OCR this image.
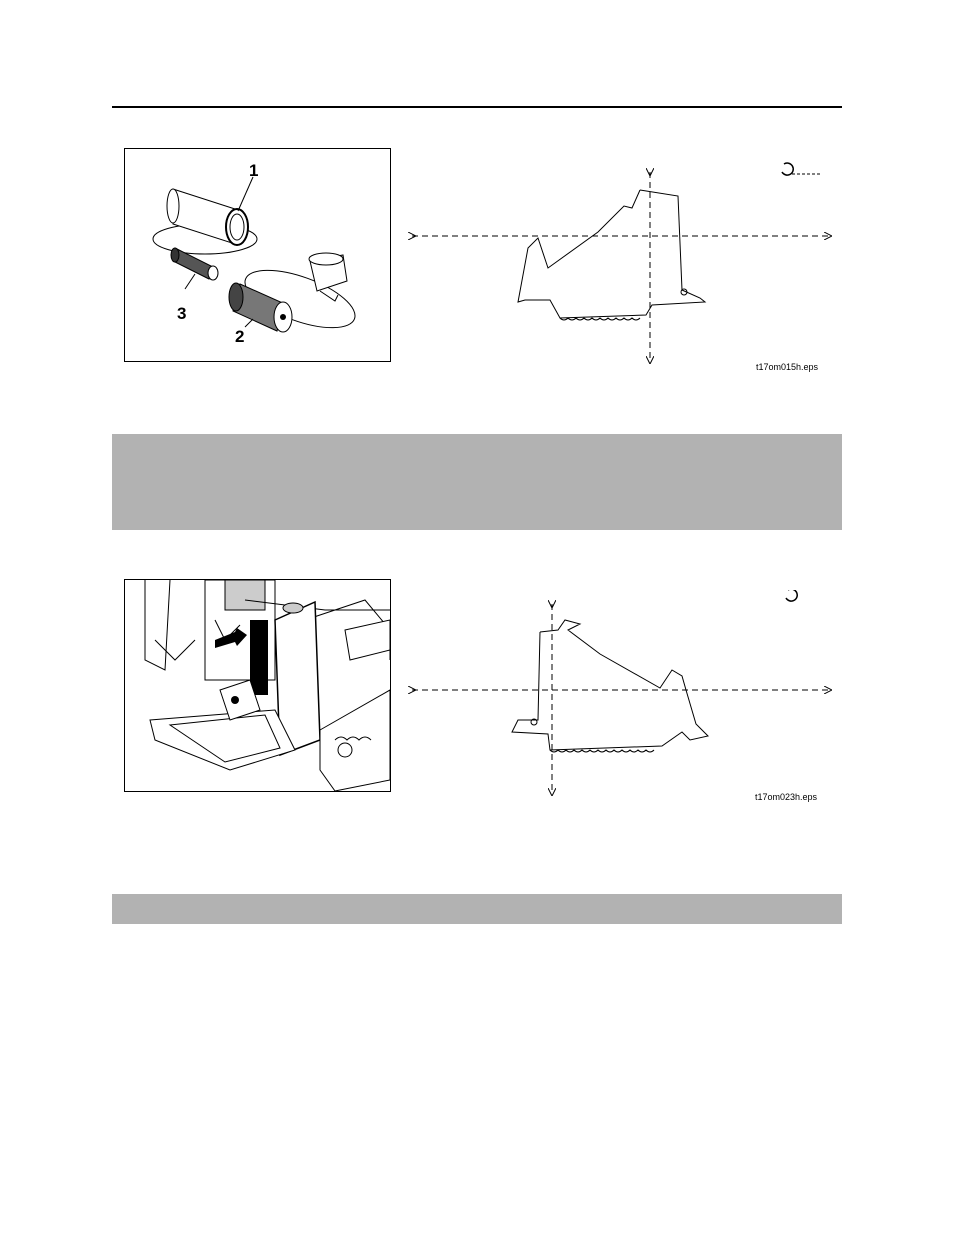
1
2
3
t17om015h.eps
t17om023h.eps
